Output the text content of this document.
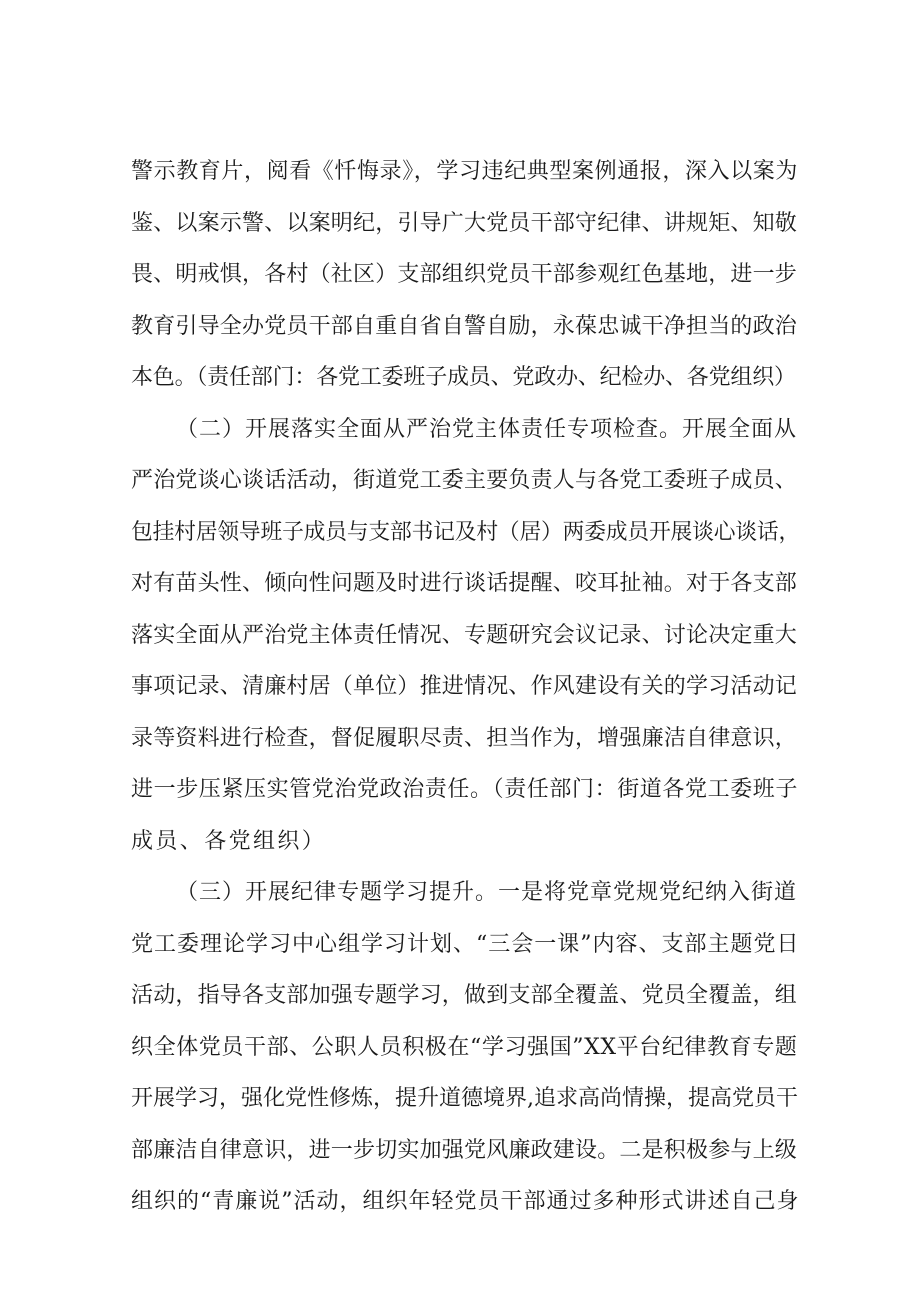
警示教育片，阅看《忏悔录》，学习违纪典型案例通报，深入以案为
鉴、以案示警、以案明纪，引导广大党员干部守纪律、讲规矩、知敬
畏、明戒惧，各村（社区）支部组织党员干部参观红色基地，进一步
教育引导全办党员干部自重自省自警自励，永葆忠诚干净担当的政治
本色。（责任部门：各党工委班子成员、党政办、纪检办、各党组织）
（二）开展落实全面从严治党主体责任专项检查。开展全面从
严治党谈心谈话活动，街道党工委主要负责人与各党工委班子成员、
包挂村居领导班子成员与支部书记及村（居）两委成员开展谈心谈话，
对有苗头性、倾向性问题及时进行谈话提醒、咬耳扯袖。对于各支部
落实全面从严治党主体责任情况、专题研究会议记录、讨论决定重大
事项记录、清廉村居（单位）推进情况、作风建设有关的学习活动记
录等资料进行检查，督促履职尽责、担当作为，增强廉洁自律意识，
进一步压紧压实管党治党政治责任。（责任部门：街道各党工委班子
成员、各党组织）
（三）开展纪律专题学习提升。一是将党章党规党纪纳入街道
党工委理论学习中心组学习计划、“三会一课”内容、支部主题党日
活动，指导各支部加强专题学习，做到支部全覆盖、党员全覆盖，组
织全体党员干部、公职人员积极在“学习强国”XX平台纪律教育专题
开展学习，强化党性修炼，提升道德境界,追求高尚情操，提高党员干
部廉洁自律意识，进一步切实加强党风廉政建设。二是积极参与上级
组织的“青廉说”活动，组织年轻党员干部通过多种形式讲述自己身
